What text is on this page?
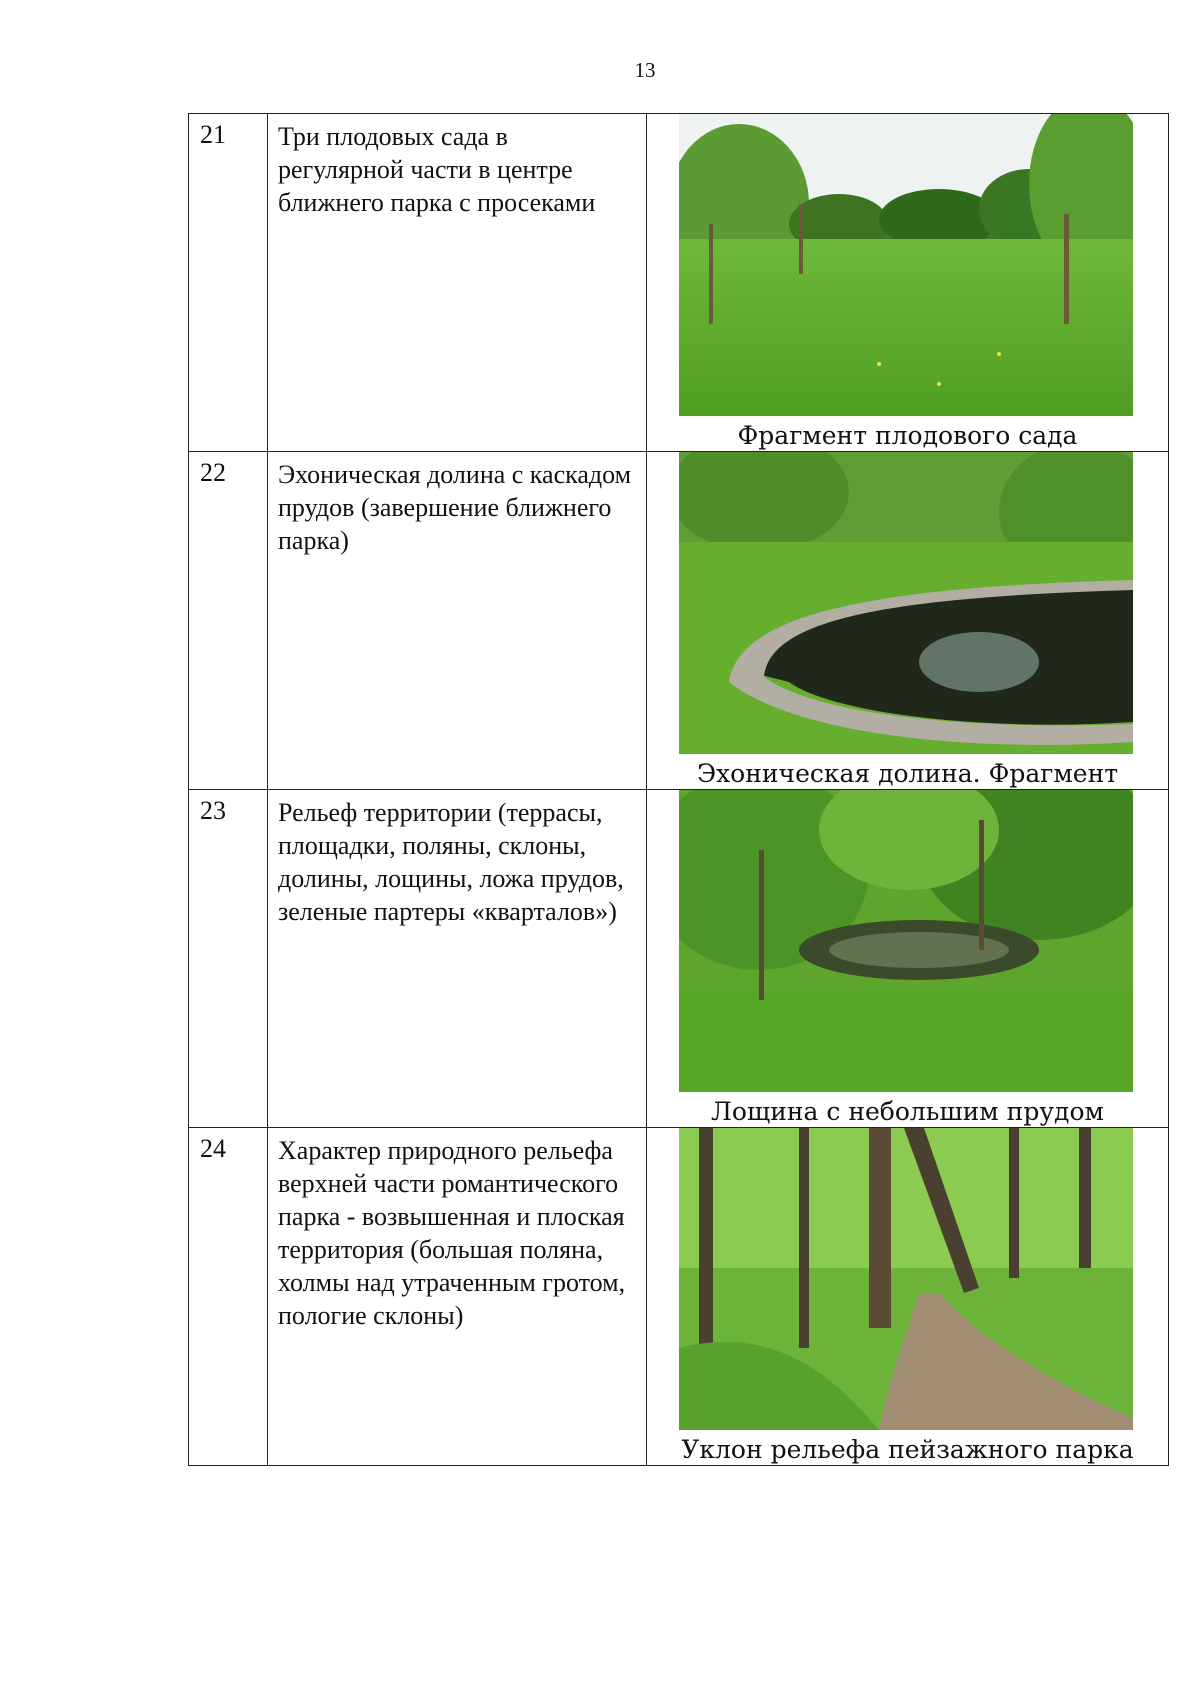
13
21	Три плодовых сада в регулярной части в центре ближнего парка с просеками	Фрагмент плодового сада

22	Эхоническая долина с каскадом прудов (завершение ближнего парка)	Эхоническая долина. Фрагмент

23	Рельеф территории (террасы, площадки, поляны, склоны, долины, лощины, ложа прудов, зеленые партеры «кварталов»)	Лощина с небольшим прудом

24	Характер природного рельефа верхней части романтического парка - возвышенная и плоская территория (большая поляна, холмы над утраченным гротом, пологие склоны)	Уклон рельефа пейзажного парка
